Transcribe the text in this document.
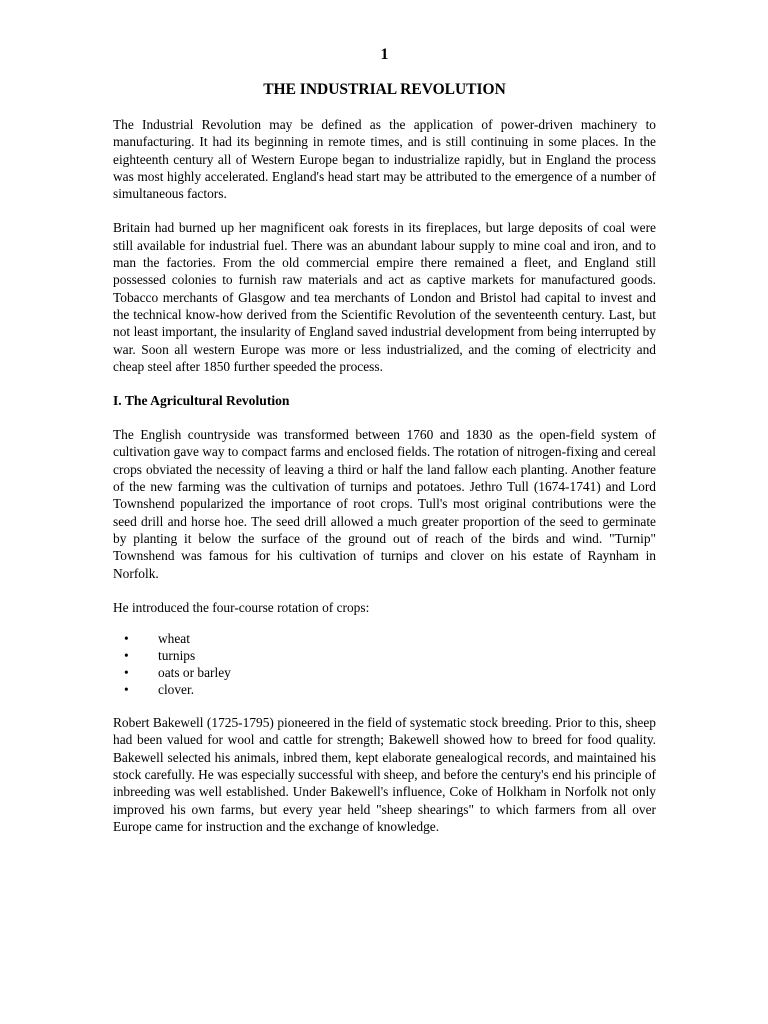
1
THE INDUSTRIAL REVOLUTION

The Industrial Revolution may be defined as the application of power-driven machinery to manufacturing. It had its beginning in remote times, and is still continuing in some places. In the eighteenth century all of Western Europe began to industrialize rapidly, but in England the process was most highly accelerated. England's head start may be attributed to the emergence of a number of simultaneous factors.

Britain had burned up her magnificent oak forests in its fireplaces, but large deposits of coal were still available for industrial fuel. There was an abundant labour supply to mine coal and iron, and to man the factories. From the old commercial empire there remained a fleet, and England still possessed colonies to furnish raw materials and act as captive markets for manufactured goods. Tobacco merchants of Glasgow and tea merchants of London and Bristol had capital to invest and the technical know-how derived from the Scientific Revolution of the seventeenth century. Last, but not least important, the insularity of England saved industrial development from being interrupted by war. Soon all western Europe was more or less industrialized, and the coming of electricity and cheap steel after 1850 further speeded the process.

I. The Agricultural Revolution

The English countryside was transformed between 1760 and 1830 as the open-field system of cultivation gave way to compact farms and enclosed fields. The rotation of nitrogen-fixing and cereal crops obviated the necessity of leaving a third or half the land fallow each planting. Another feature of the new farming was the cultivation of turnips and potatoes. Jethro Tull (1674-1741) and Lord Townshend popularized the importance of root crops. Tull's most original contributions were the seed drill and horse hoe. The seed drill allowed a much greater proportion of the seed to germinate by planting it below the surface of the ground out of reach of the birds and wind. "Turnip" Townshend was famous for his cultivation of turnips and clover on his estate of Raynham in Norfolk.

He introduced the four-course rotation of crops:

• wheat
• turnips
• oats or barley
• clover.

Robert Bakewell (1725-1795) pioneered in the field of systematic stock breeding. Prior to this, sheep had been valued for wool and cattle for strength; Bakewell showed how to breed for food quality. Bakewell selected his animals, inbred them, kept elaborate genealogical records, and maintained his stock carefully. He was especially successful with sheep, and before the century's end his principle of inbreeding was well established. Under Bakewell's influence, Coke of Holkham in Norfolk not only improved his own farms, but every year held "sheep shearings" to which farmers from all over Europe came for instruction and the exchange of knowledge.
